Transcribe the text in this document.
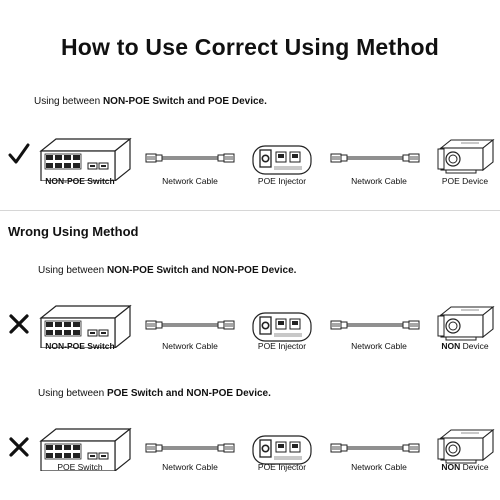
How to Use Correct Using Method
Using between NON-POE Switch and POE Device.
NON-POE Switch	Network Cable	POE Injector	Network Cable	POE Device
Wrong Using Method
Using between NON-POE Switch and NON-POE Device.
NON-POE Switch	Network Cable	POE Injector	Network Cable	NON Device
Using between POE Switch and NON-POE Device.
POE Switch	Network Cable	POE Injector	Network Cable	NON Device
